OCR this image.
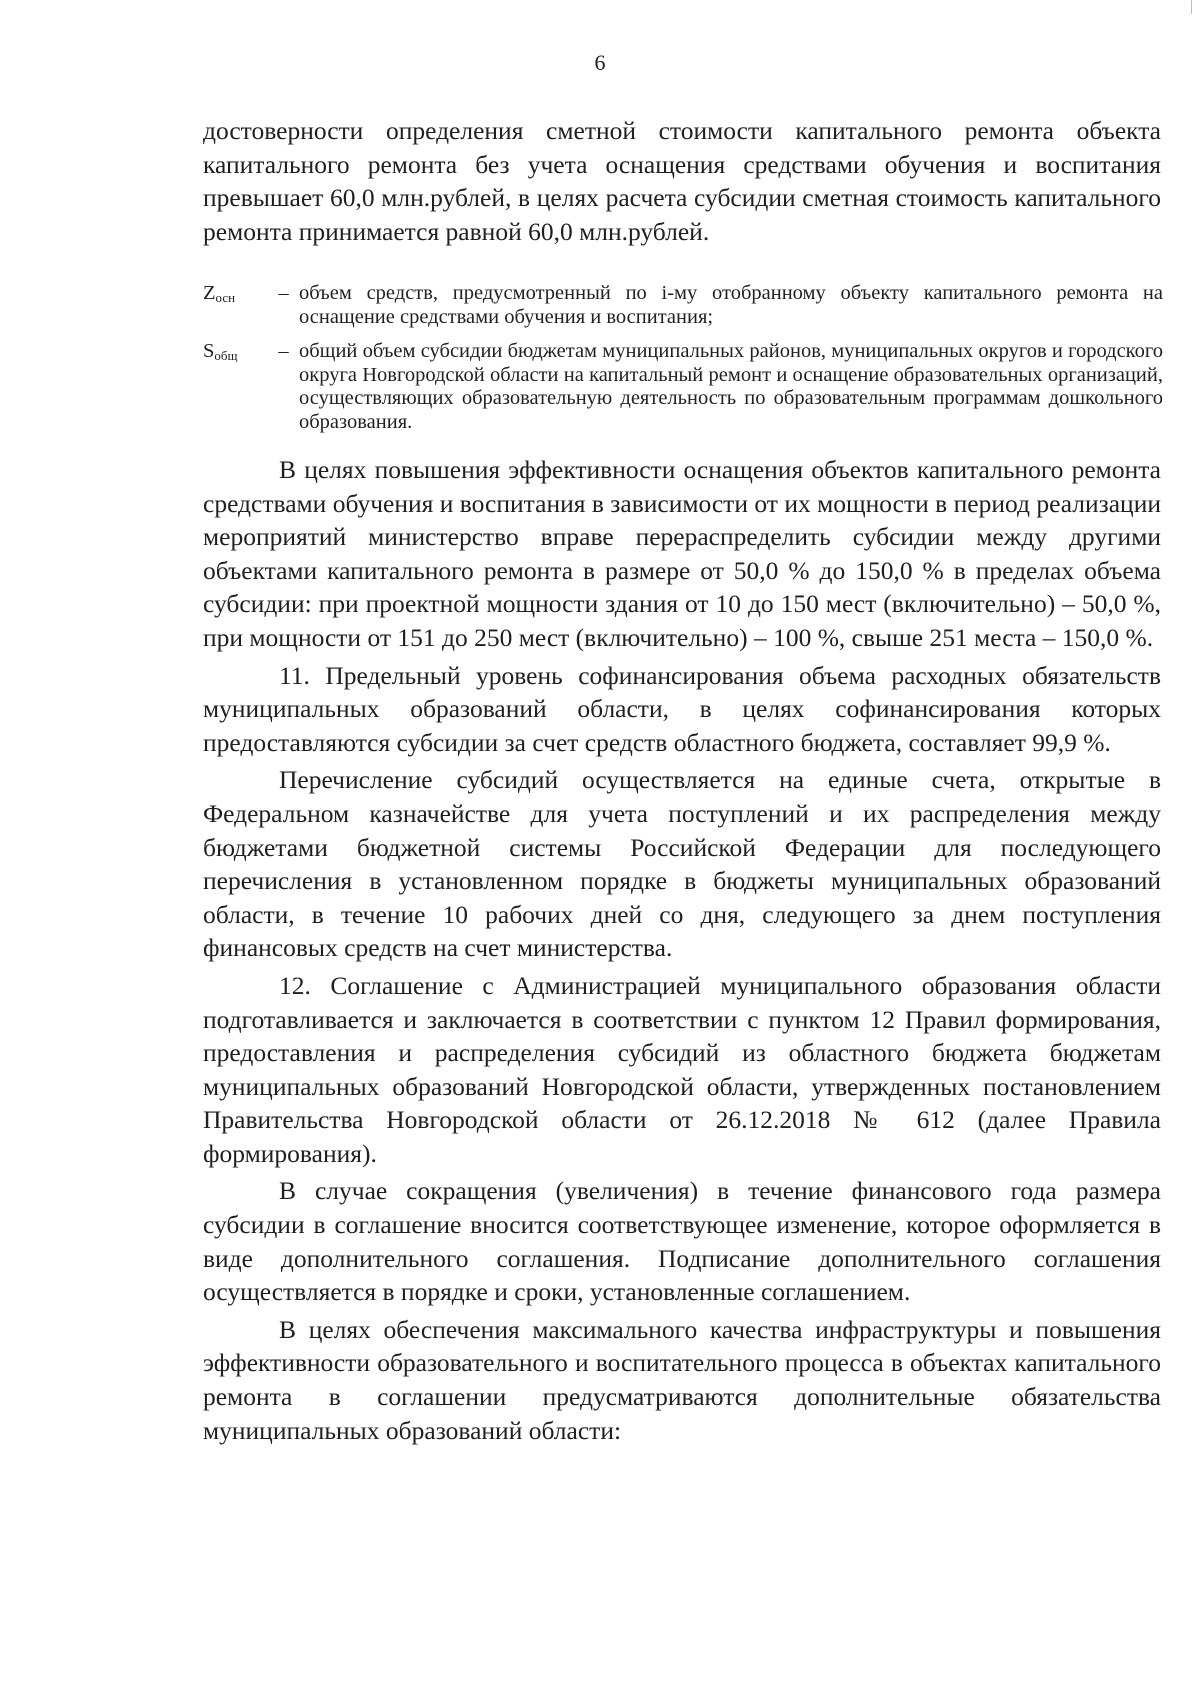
6

достоверности определения сметной стоимости капитального ремонта объекта капитального ремонта без учета оснащения средствами обучения и воспитания превышает 60,0 млн.рублей, в целях расчета субсидии сметная стоимость капитального ремонта принимается равной 60,0 млн.рублей.

$Z_{осн}$	– объем средств, предусмотренный по i-му отобранному объекту капитального ремонта на оснащение средствами обучения и воспитания;
$S_{общ}$	– общий объем субсидии бюджетам муниципальных районов, муниципальных округов и городского округа Новгородской области на капитальный ремонт и оснащение образовательных организаций, осуществляющих образовательную деятельность по образовательным программам дошкольного образования.

В целях повышения эффективности оснащения объектов капитального ремонта средствами обучения и воспитания в зависимости от их мощности в период реализации мероприятий министерство вправе перераспределить субсидии между другими объектами капитального ремонта в размере от 50,0 % до 150,0 % в пределах объема субсидии: при проектной мощности здания от 10 до 150 мест (включительно) – 50,0 %, при мощности от 151 до 250 мест (включительно) – 100 %, свыше 251 места – 150,0 %.

11. Предельный уровень софинансирования объема расходных обязательств муниципальных образований области, в целях софинансирования которых предоставляются субсидии за счет средств областного бюджета, составляет 99,9 %.

Перечисление субсидий осуществляется на единые счета, открытые в Федеральном казначействе для учета поступлений и их распределения между бюджетами бюджетной системы Российской Федерации для последующего перечисления в установленном порядке в бюджеты муниципальных образований области, в течение 10 рабочих дней со дня, следующего за днем поступления финансовых средств на счет министерства.

12. Соглашение с Администрацией муниципального образования области подготавливается и заключается в соответствии с пунктом 12 Правил формирования, предоставления и распределения субсидий из областного бюджета бюджетам муниципальных образований Новгородской области, утвержденных постановлением Правительства Новгородской области от 26.12.2018 № 612 (далее Правила формирования).

В случае сокращения (увеличения) в течение финансового года размера субсидии в соглашение вносится соответствующее изменение, которое оформляется в виде дополнительного соглашения. Подписание дополнительного соглашения осуществляется в порядке и сроки, установленные соглашением.

В целях обеспечения максимального качества инфраструктуры и повышения эффективности образовательного и воспитательного процесса в объектах капитального ремонта в соглашении предусматриваются дополнительные обязательства муниципальных образований области:
